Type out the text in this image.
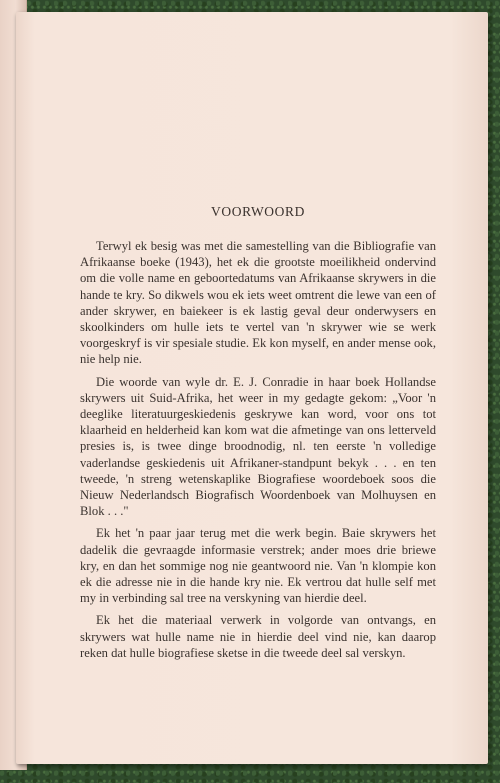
VOORWOORD

Terwyl ek besig was met die samestelling van die Bibliografie van Afrikaanse boeke (1943), het ek die grootste moeilikheid ondervind om die volle name en geboortedatums van Afrikaanse skrywers in die hande te kry. So dikwels wou ek iets weet omtrent die lewe van een of ander skrywer, en baiekeer is ek lastig geval deur onderwysers en skoolkinders om hulle iets te vertel van 'n skrywer wie se werk voorgeskryf is vir spesiale studie. Ek kon myself, en ander mense ook, nie help nie.

Die woorde van wyle dr. E. J. Conradie in haar boek Hollandse skrywers uit Suid-Afrika, het weer in my gedagte gekom: „Voor 'n deeglike literatuurgeskiedenis geskrywe kan word, voor ons tot klaarheid en helderheid kan kom wat die afmetinge van ons letterveld presies is, is twee dinge broodnodig, nl. ten eerste 'n volledige vaderlandse geskiedenis uit Afrikaner-standpunt bekyk . . . en ten tweede, 'n streng wetenskaplike Biografiese woordeboek soos die Nieuw Nederlandsch Biografisch Woordenboek van Molhuysen en Blok . . ."

Ek het 'n paar jaar terug met die werk begin. Baie skrywers het dadelik die gevraagde informasie verstrek; ander moes drie briewe kry, en dan het sommige nog nie geantwoord nie. Van 'n klompie kon ek die adresse nie in die hande kry nie. Ek vertrou dat hulle self met my in verbinding sal tree na verskyning van hierdie deel.

Ek het die materiaal verwerk in volgorde van ontvangs, en skrywers wat hulle name nie in hierdie deel vind nie, kan daarop reken dat hulle biografiese sketse in die tweede deel sal verskyn.
